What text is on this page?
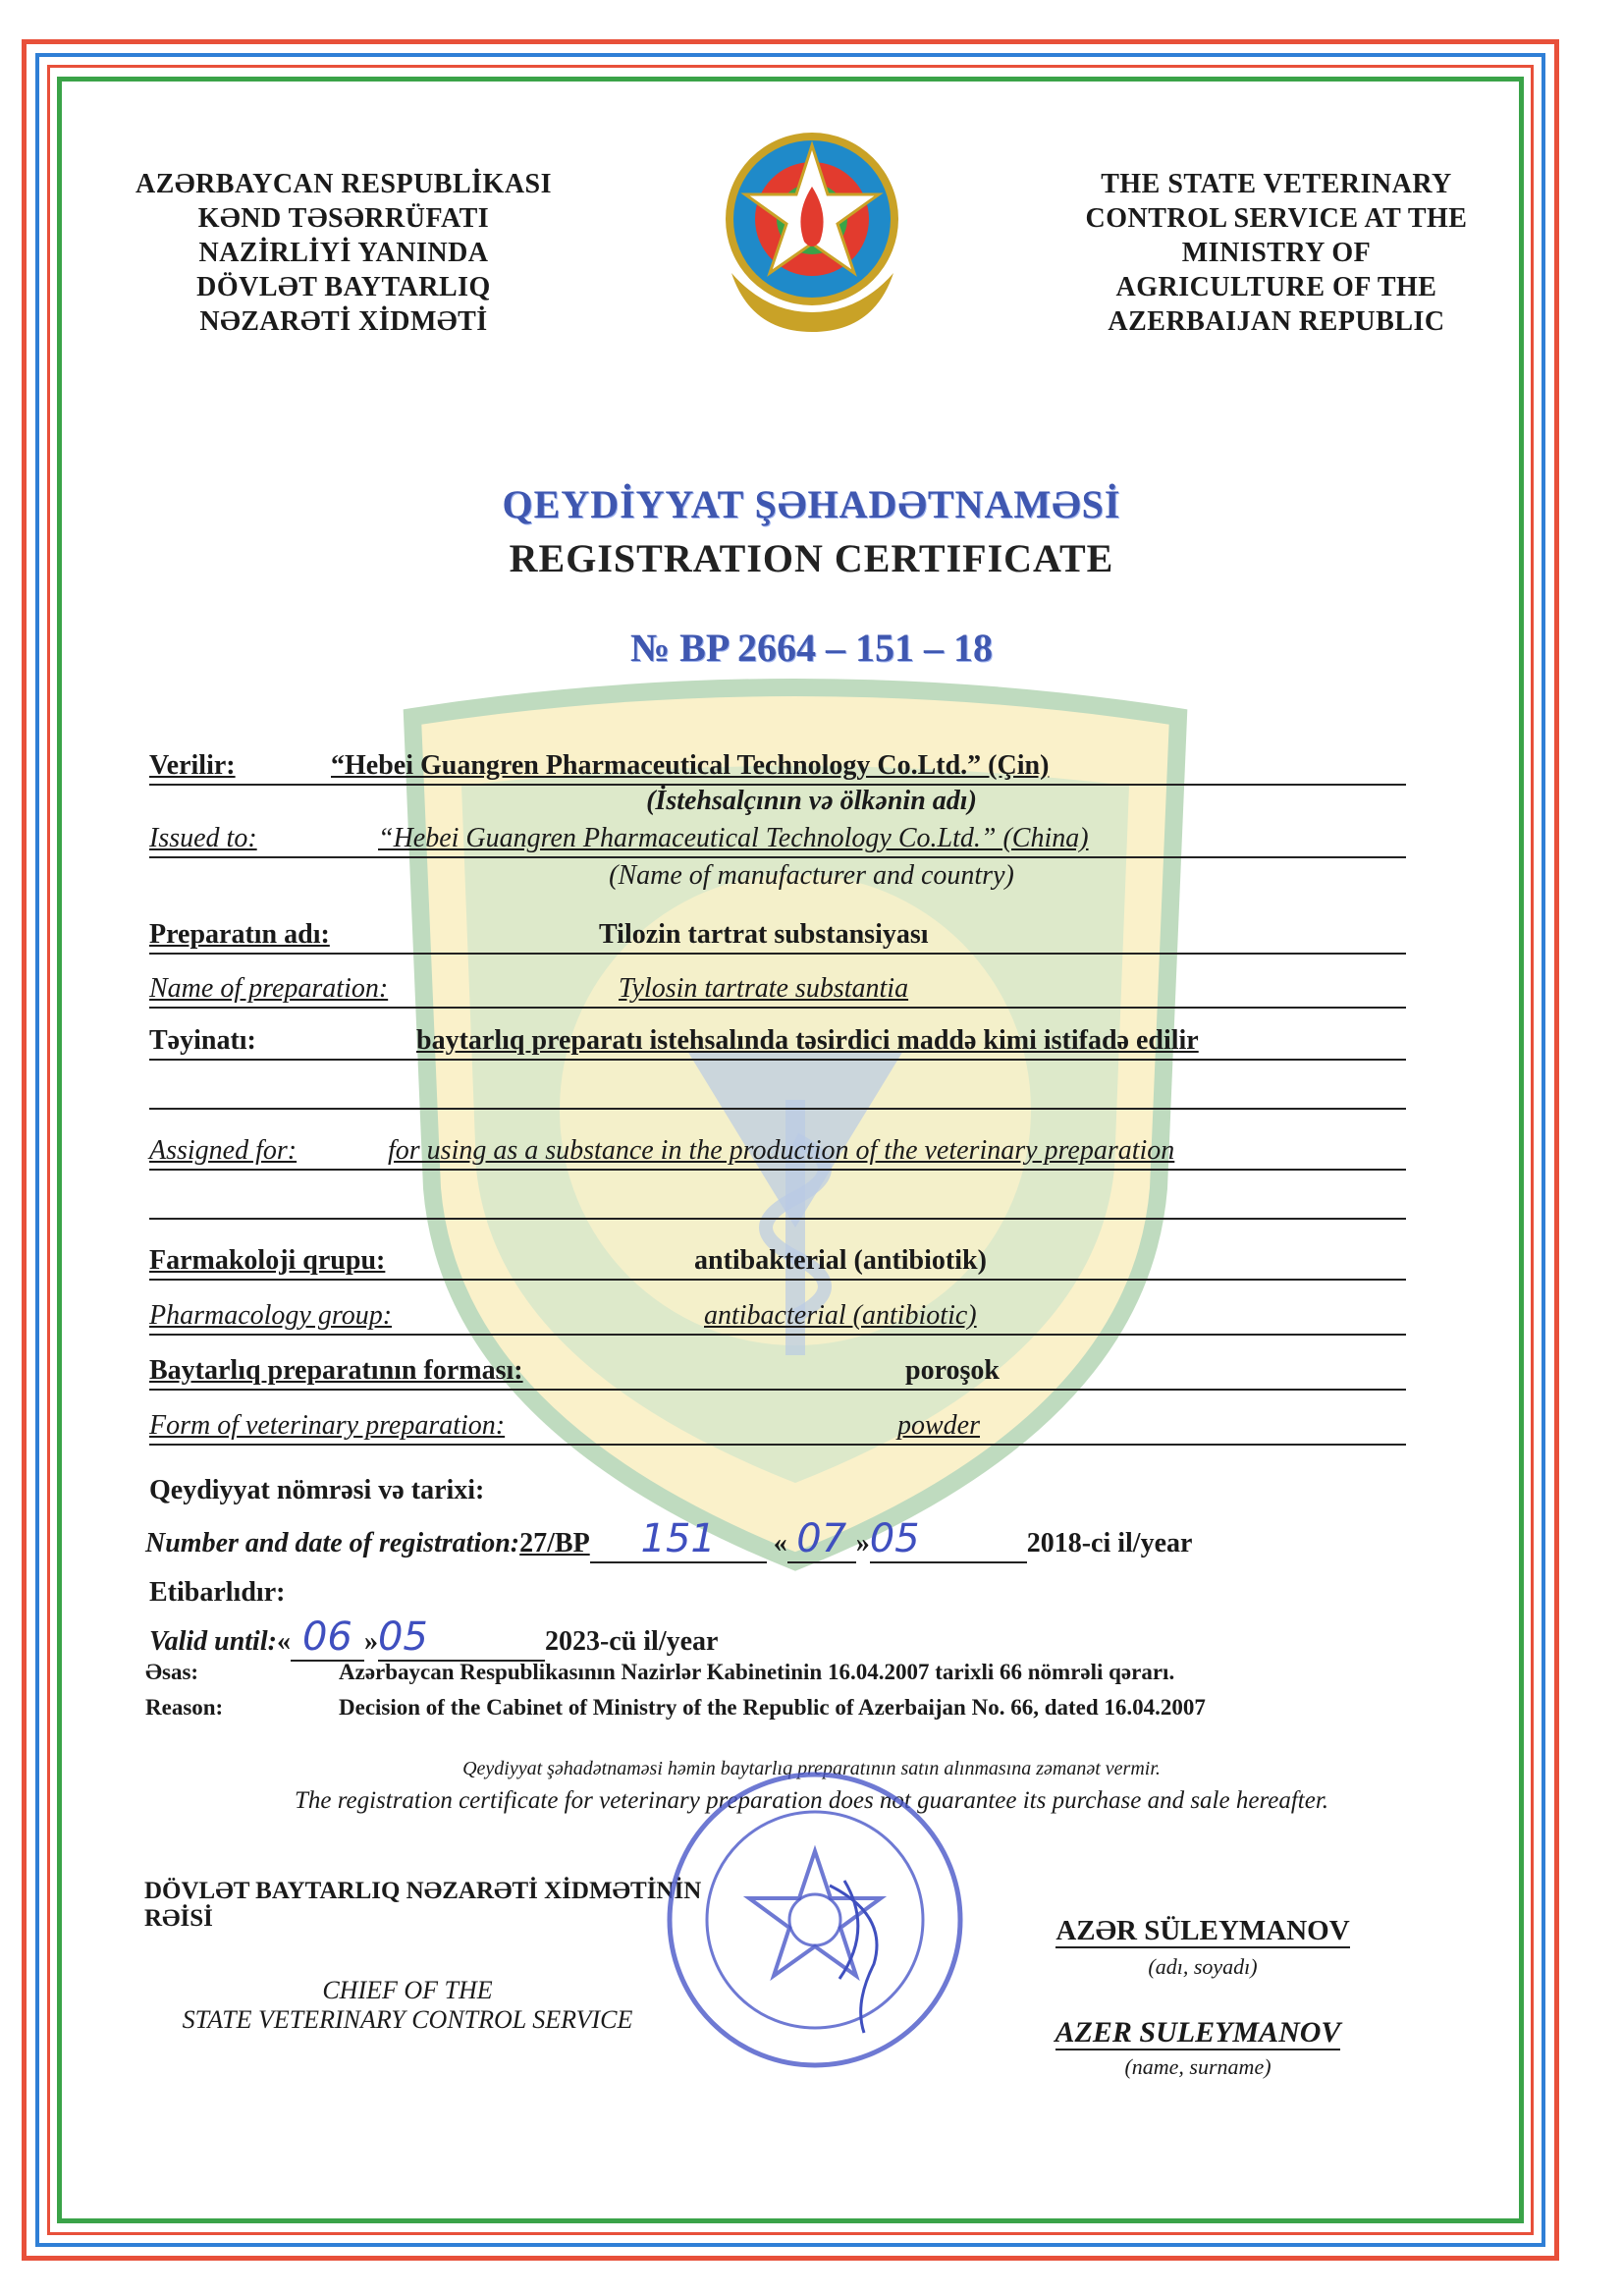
AZƏRBAYCAN RESPUBLİKASI
KƏND TƏSƏRRÜFATI
NAZİRLİYİ YANINDA
DÖVLƏT BAYTARLIQ
NƏZARƏTİ XİDMƏTİ
THE STATE VETERINARY
CONTROL SERVICE AT THE
MINISTRY OF
AGRICULTURE OF THE
AZERBAIJAN REPUBLIC
QEYDİYYAT ŞƏHADƏTNAMƏSİ
REGISTRATION CERTIFICATE
№ BP 2664 – 151 – 18
Verilir:	“Hebei Guangren Pharmaceutical Technology Co.Ltd.” (Çin)
(İstehsalçının və ölkənin adı)
Issued to:	“Hebei Guangren Pharmaceutical Technology Co.Ltd.” (China)
(Name of manufacturer and country)
Preparatın adı:	Tilozin tartrat substansiyası
Name of preparation:	Tylosin tartrate substantia
Təyinatı:	baytarlıq preparatı istehsalında təsirdici maddə kimi istifadə edilir
Assigned for:	for using as a substance in the production of the veterinary preparation
Farmakoloji qrupu:	antibakterial (antibiotik)
Pharmacology group:	antibacterial (antibiotic)
Baytarlıq preparatının forması:	poroşok
Form of veterinary preparation:	powder
Qeydiyyat nömrəsi və tarixi:
Number and date of registration:27/BP 151 « 07 »05	2018-ci il/year
Etibarlıdır:
Valid until:« 06 »05	2023-cü il/year
Əsas:	Azərbaycan Respublikasının Nazirlər Kabinetinin 16.04.2007 tarixli 66 nömrəli qərarı.
Reason:	Decision of the Cabinet of Ministry of the Republic of Azerbaijan No. 66, dated 16.04.2007
Qeydiyyat şəhadətnaməsi həmin baytarlıq preparatının satın alınmasına zəmanət vermir.
The registration certificate for veterinary preparation does not guarantee its purchase and sale hereafter.
DÖVLƏT BAYTARLIQ NƏZARƏTİ XİDMƏTİNİN
RƏİSİ
CHIEF OF THE
STATE VETERINARY CONTROL SERVICE
AZƏR SÜLEYMANOV
(adı, soyadı)
AZER SULEYMANOV
(name, surname)
